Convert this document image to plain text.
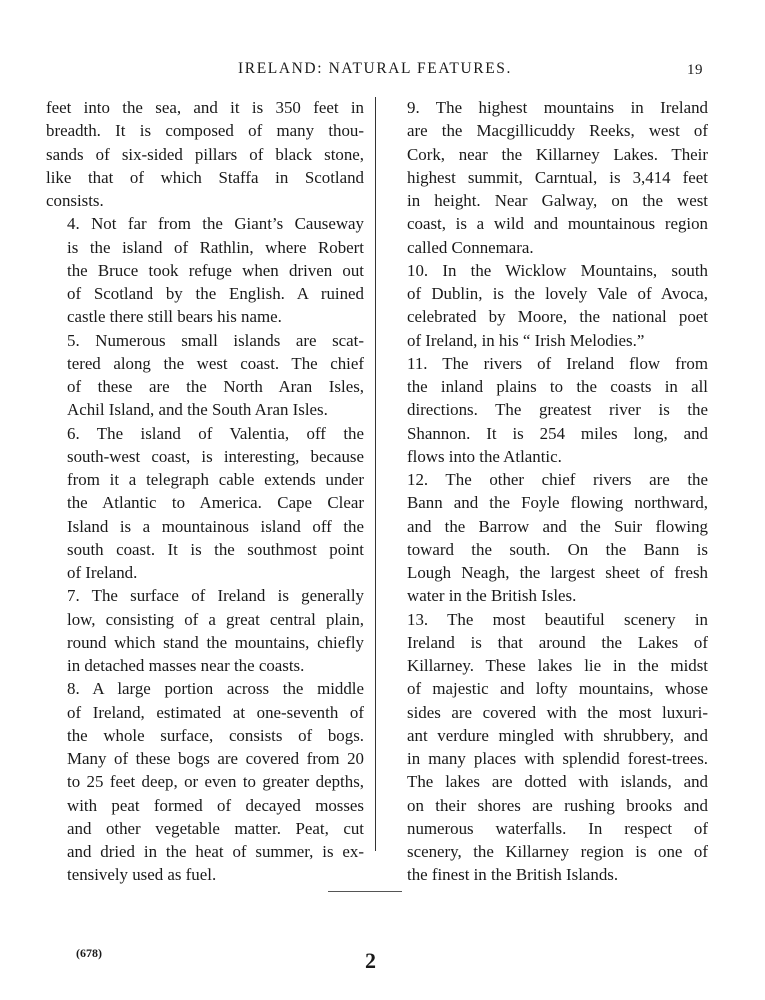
IRELAND: NATURAL FEATURES.	19

feet into the sea, and it is 350 feet in
breadth. It is composed of many thou-
sands of six-sided pillars of black stone,
like that of which Staffa in Scotland
consists.

4. Not far from the Giant’s Causeway
is the island of Rathlin, where Robert
the Bruce took refuge when driven out
of Scotland by the English. A ruined
castle there still bears his name.

5. Numerous small islands are scat-
tered along the west coast. The chief
of these are the North Aran Isles,
Achil Island, and the South Aran Isles.

6. The island of Valentia, off the
south-west coast, is interesting, because
from it a telegraph cable extends under
the Atlantic to America. Cape Clear
Island is a mountainous island off the
south coast. It is the southmost point
of Ireland.

7. The surface of Ireland is generally
low, consisting of a great central plain,
round which stand the mountains, chiefly
in detached masses near the coasts.

8. A large portion across the middle
of Ireland, estimated at one-seventh of
the whole surface, consists of bogs.
Many of these bogs are covered from 20
to 25 feet deep, or even to greater depths,
with peat formed of decayed mosses
and other vegetable matter. Peat, cut
and dried in the heat of summer, is ex-
tensively used as fuel.

9. The highest mountains in Ireland
are the Macgillicuddy Reeks, west of
Cork, near the Killarney Lakes. Their
highest summit, Carntual, is 3,414 feet
in height. Near Galway, on the west
coast, is a wild and mountainous region
called Connemara.

10. In the Wicklow Mountains, south
of Dublin, is the lovely Vale of Avoca,
celebrated by Moore, the national poet
of Ireland, in his “ Irish Melodies.”

11. The rivers of Ireland flow from
the inland plains to the coasts in all
directions. The greatest river is the
Shannon. It is 254 miles long, and
flows into the Atlantic.

12. The other chief rivers are the
Bann and the Foyle flowing northward,
and the Barrow and the Suir flowing
toward the south. On the Bann is
Lough Neagh, the largest sheet of fresh
water in the British Isles.

13. The most beautiful scenery in
Ireland is that around the Lakes of
Killarney. These lakes lie in the midst
of majestic and lofty mountains, whose
sides are covered with the most luxuri-
ant verdure mingled with shrubbery, and
in many places with splendid forest-trees.
The lakes are dotted with islands, and
on their shores are rushing brooks and
numerous waterfalls. In respect of
scenery, the Killarney region is one of
the finest in the British Islands.

(678)	2
